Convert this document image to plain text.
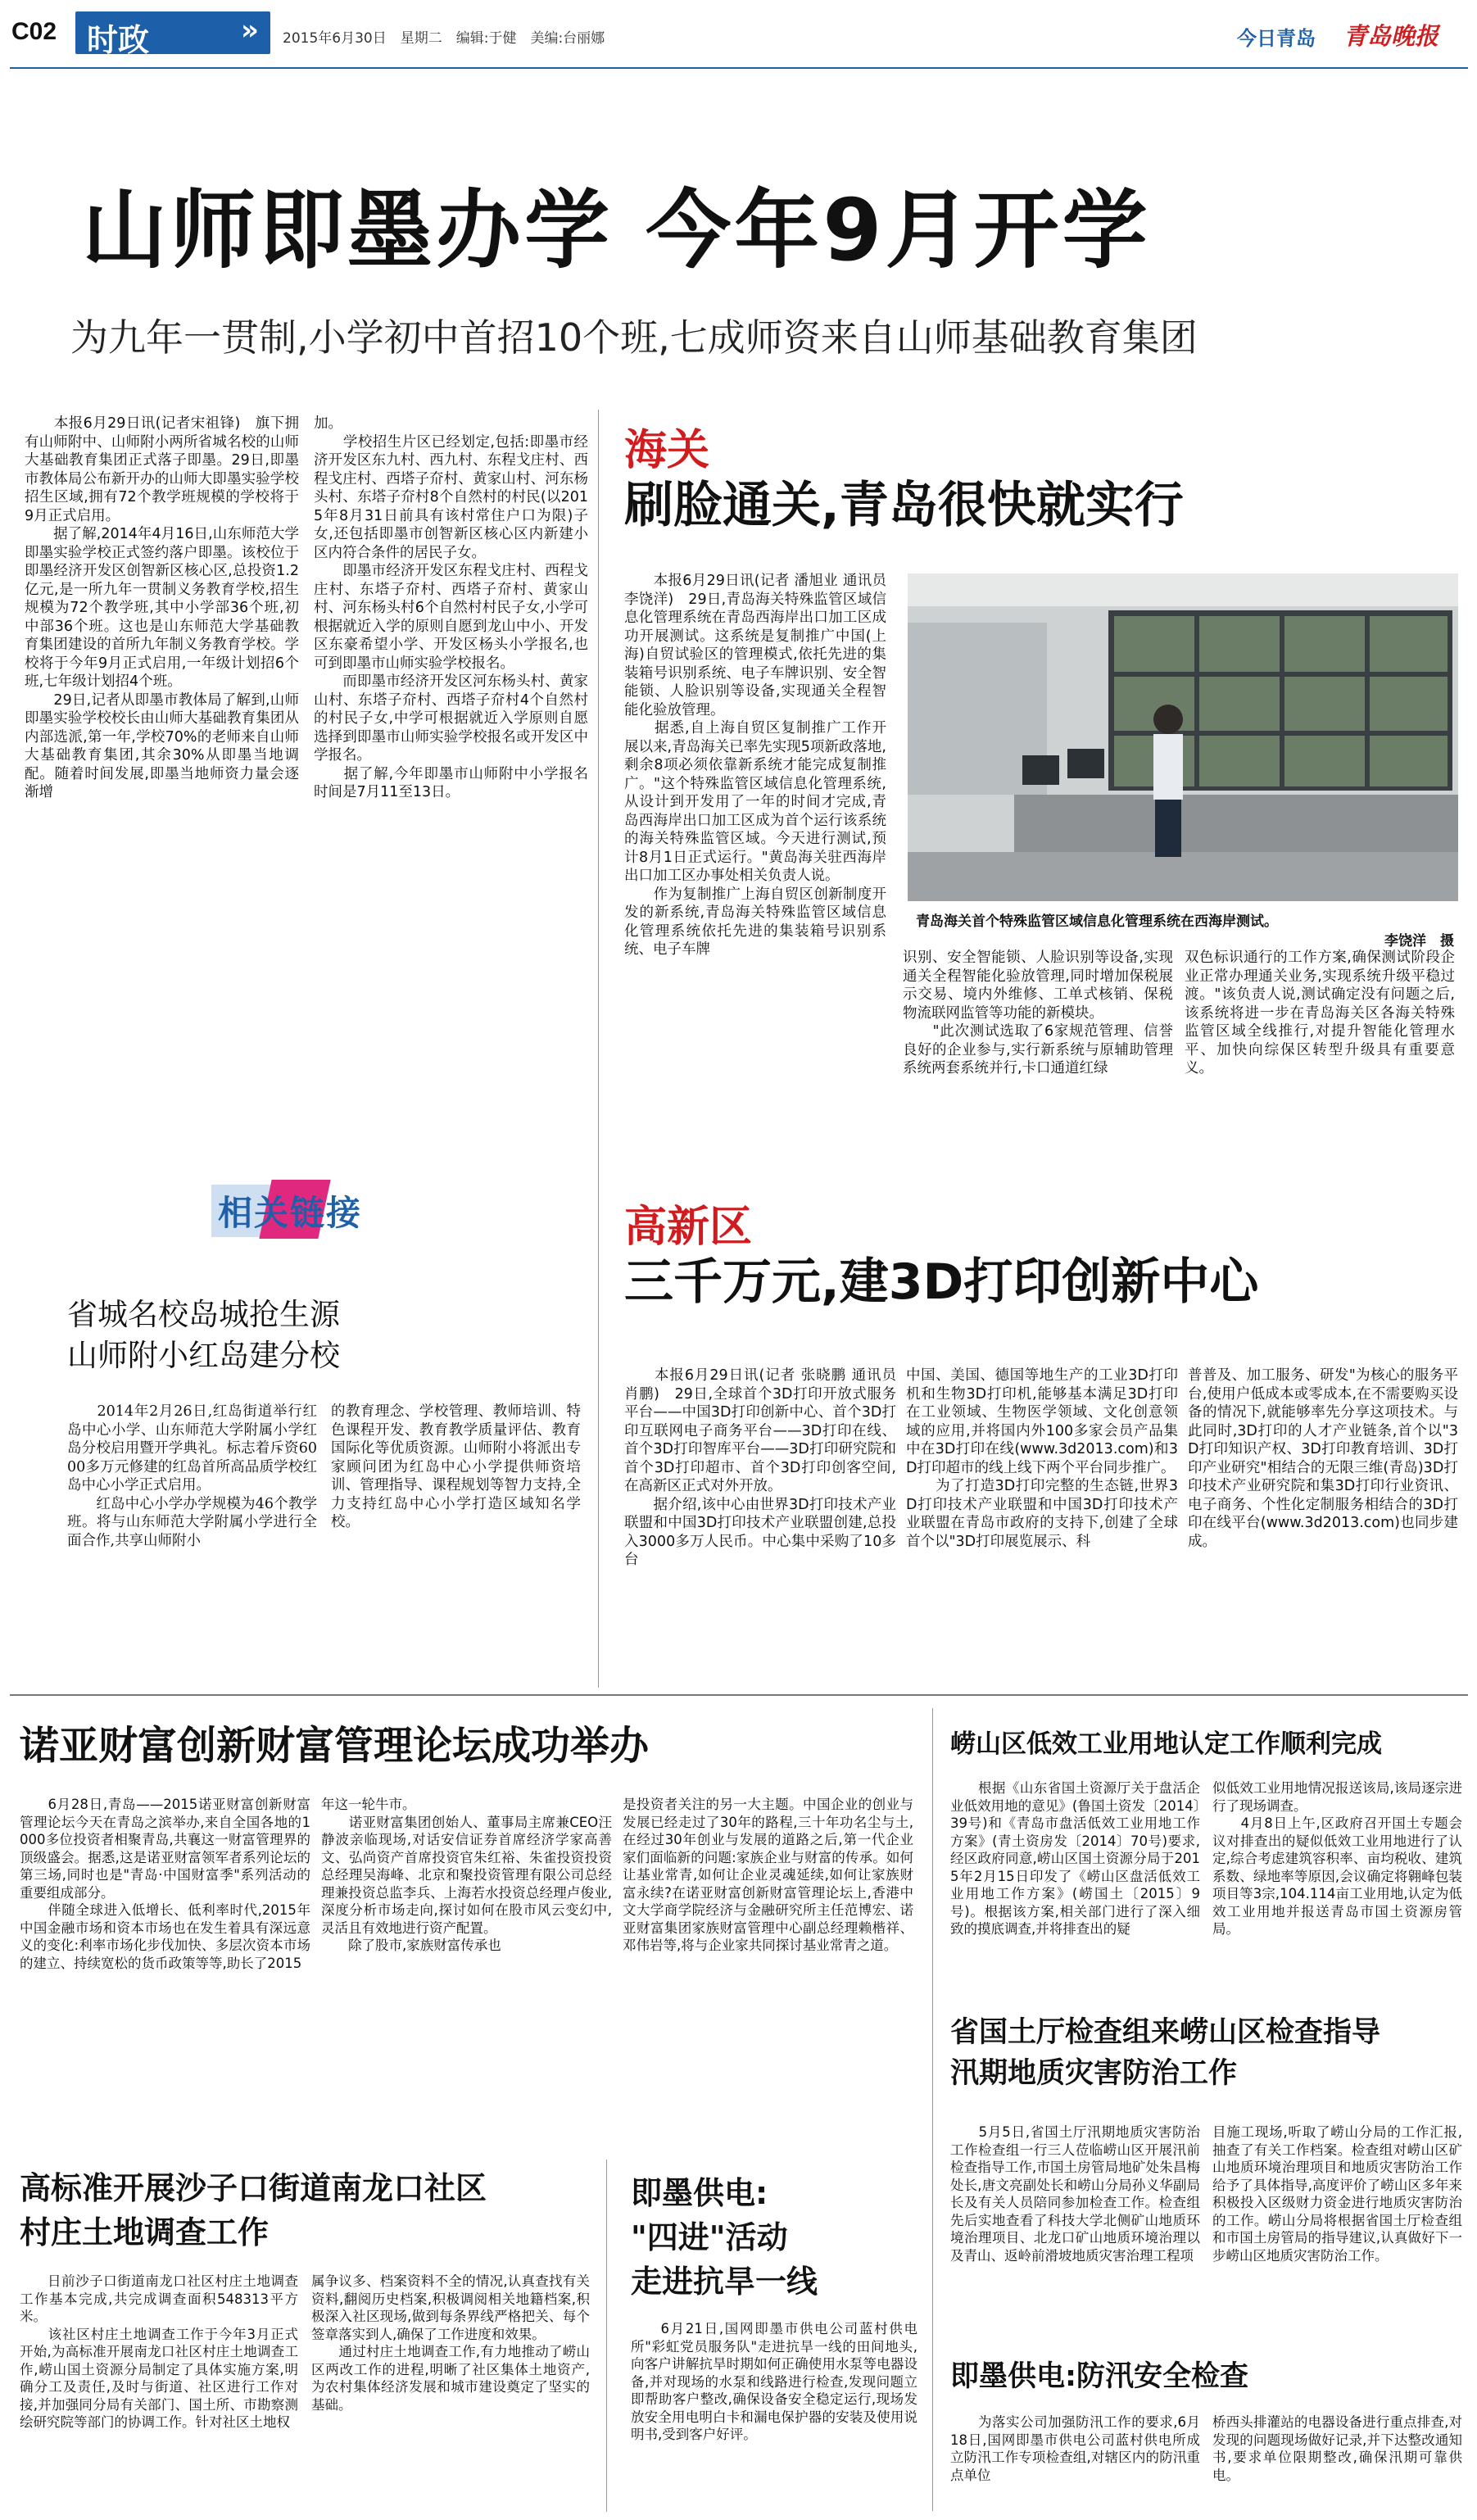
C02 时政	» 2015年6月30日　星期二　编辑:于健　美编:台丽娜	今日青岛 青岛晚报
山师即墨办学 今年9月开学
为九年一贯制,小学初中首招10个班,七成师资来自山师基础教育集团
　　本报6月29日讯(记者宋祖锋)　旗下拥有山师附中、山师附小两所省城名校的山师大基础教育集团正式落子即墨。29日,即墨市教体局公布新开办的山师大即墨实验学校招生区域,拥有72个教学班规模的学校将于9月正式启用。
　　据了解,2014年4月16日,山东师范大学即墨实验学校正式签约落户即墨。该校位于即墨经济开发区创智新区核心区,总投资1.2亿元,是一所九年一贯制义务教育学校,招生规模为72个教学班,其中小学部36个班,初中部36个班。这也是山东师范大学基础教育集团建设的首所九年制义务教育学校。学校将于今年9月正式启用,一年级计划招6个班,七年级计划招4个班。
　　29日,记者从即墨市教体局了解到,山师即墨实验学校校长由山师大基础教育集团从内部选派,第一年,学校70%的老师来自山师大基础教育集团,其余30%从即墨当地调配。随着时间发展,即墨当地师资力量会逐渐增
加。
　　学校招生片区已经划定,包括:即墨市经济开发区东九村、西九村、东程戈庄村、西程戈庄村、西塔子夼村、黄家山村、河东杨头村、东塔子夼村8个自然村的村民(以2015年8月31日前具有该村常住户口为限)子女,还包括即墨市创智新区核心区内新建小区内符合条件的居民子女。
　　即墨市经济开发区东程戈庄村、西程戈庄村、东塔子夼村、西塔子夼村、黄家山村、河东杨头村6个自然村村民子女,小学可根据就近入学的原则自愿到龙山中小、开发区东豪希望小学、开发区杨头小学报名,也可到即墨市山师实验学校报名。
　　而即墨市经济开发区河东杨头村、黄家山村、东塔子夼村、西塔子夼村4个自然村的村民子女,中学可根据就近入学原则自愿选择到即墨市山师实验学校报名或开发区中学报名。
　　据了解,今年即墨市山师附中小学报名时间是7月11至13日。
海关
刷脸通关,青岛很快就实行
　　本报6月29日讯(记者 潘旭业 通讯员 李饶洋)　29日,青岛海关特殊监管区域信息化管理系统在青岛西海岸出口加工区成功开展测试。这系统是复制推广中国(上海)自贸试验区的管理模式,依托先进的集装箱号识别系统、电子车牌识别、安全智能锁、人脸识别等设备,实现通关全程智能化验放管理。
　　据悉,自上海自贸区复制推广工作开展以来,青岛海关已率先实现5项新政落地,剩余8项必须依靠新系统才能完成复制推广。"这个特殊监管区域信息化管理系统,从设计到开发用了一年的时间才完成,青岛西海岸出口加工区成为首个运行该系统的海关特殊监管区域。今天进行测试,预计8月1日正式运行。"黄岛海关驻西海岸出口加工区办事处相关负责人说。
　　作为复制推广上海自贸区创新制度开发的新系统,青岛海关特殊监管区域信息化管理系统依托先进的集装箱号识别系统、电子车牌
青岛海关首个特殊监管区域信息化管理系统在西海岸测试。
李饶洋　摄
识别、安全智能锁、人脸识别等设备,实现通关全程智能化验放管理,同时增加保税展示交易、境内外维修、工单式核销、保税物流联网监管等功能的新模块。
　　"此次测试选取了6家规范管理、信誉良好的企业参与,实行新系统与原辅助管理系统两套系统并行,卡口通道红绿
双色标识通行的工作方案,确保测试阶段企业正常办理通关业务,实现系统升级平稳过渡。"该负责人说,测试确定没有问题之后,该系统将进一步在青岛海关区各海关特殊监管区域全线推行,对提升智能化管理水平、加快向综保区转型升级具有重要意义。
相关链接
省城名校岛城抢生源
山师附小红岛建分校
　　2014年2月26日,红岛街道举行红岛中心小学、山东师范大学附属小学红岛分校启用暨开学典礼。标志着斥资6000多万元修建的红岛首所高品质学校红岛中心小学正式启用。
　　红岛中心小学办学规模为46个教学班。将与山东师范大学附属小学进行全面合作,共享山师附小
的教育理念、学校管理、教师培训、特色课程开发、教育教学质量评估、教育国际化等优质资源。山师附小将派出专家顾问团为红岛中心小学提供师资培训、管理指导、课程规划等智力支持,全力支持红岛中心小学打造区域知名学校。
高新区
三千万元,建3D打印创新中心
　　本报6月29日讯(记者 张晓鹏 通讯员 肖鹏)　29日,全球首个3D打印开放式服务平台——中国3D打印创新中心、首个3D打印互联网电子商务平台——3D打印在线、首个3D打印智库平台——3D打印研究院和首个3D打印超市、首个3D打印创客空间,在高新区正式对外开放。
　　据介绍,该中心由世界3D打印技术产业联盟和中国3D打印技术产业联盟创建,总投入3000多万人民币。中心集中采购了10多台
中国、美国、德国等地生产的工业3D打印机和生物3D打印机,能够基本满足3D打印在工业领域、生物医学领域、文化创意领域的应用,并将国内外100多家会员产品集中在3D打印在线(www.3d2013.com)和3D打印超市的线上线下两个平台同步推广。
　　为了打造3D打印完整的生态链,世界3D打印技术产业联盟和中国3D打印技术产业联盟在青岛市政府的支持下,创建了全球首个以"3D打印展览展示、科
普普及、加工服务、研发"为核心的服务平台,使用户低成本或零成本,在不需要购买设备的情况下,就能够率先分享这项技术。与此同时,3D打印的人才产业链条,首个以"3D打印知识产权、3D打印教育培训、3D打印产业研究"相结合的无限三维(青岛)3D打印技术产业研究院和集3D打印行业资讯、电子商务、个性化定制服务相结合的3D打印在线平台(www.3d2013.com)也同步建成。
诺亚财富创新财富管理论坛成功举办
　　6月28日,青岛——2015诺亚财富创新财富管理论坛今天在青岛之滨举办,来自全国各地的1000多位投资者相聚青岛,共襄这一财富管理界的顶级盛会。据悉,这是诺亚财富领军者系列论坛的第三场,同时也是"青岛·中国财富季"系列活动的重要组成部分。
　　伴随全球进入低增长、低利率时代,2015年中国金融市场和资本市场也在发生着具有深远意义的变化:利率市场化步伐加快、多层次资本市场的建立、持续宽松的货币政策等等,助长了2015
年这一轮牛市。
　　诺亚财富集团创始人、董事局主席兼CEO汪静波亲临现场,对话安信证券首席经济学家高善文、弘尚资产首席投资官朱红裕、朱雀投资投资总经理吴海峰、北京和聚投资管理有限公司总经理兼投资总监李兵、上海若水投资总经理卢俊业,深度分析市场走向,探讨如何在股市风云变幻中,灵活且有效地进行资产配置。
　　除了股市,家族财富传承也
是投资者关注的另一大主题。中国企业的创业与发展已经走过了30年的路程,三十年功名尘与土,在经过30年创业与发展的道路之后,第一代企业家们面临新的问题:家族企业与财富的传承。如何让基业常青,如何让企业灵魂延续,如何让家族财富永续?在诺亚财富创新财富管理论坛上,香港中文大学商学院经济与金融研究所主任范博宏、诺亚财富集团家族财富管理中心副总经理赖楷祥、邓伟岩等,将与企业家共同探讨基业常青之道。
崂山区低效工业用地认定工作顺利完成
　　根据《山东省国土资源厅关于盘活企业低效用地的意见》(鲁国土资发〔2014〕39号)和《青岛市盘活低效工业用地工作方案》(青土资房发〔2014〕70号)要求,经区政府同意,崂山区国土资源分局于2015年2月15日印发了《崂山区盘活低效工业用地工作方案》(崂国土〔2015〕9号)。根据该方案,相关部门进行了深入细致的摸底调查,并将排查出的疑
似低效工业用地情况报送该局,该局逐宗进行了现场调查。
　　4月8日上午,区政府召开国土专题会议对排查出的疑似低效工业用地进行了认定,综合考虑建筑容积率、亩均税收、建筑系数、绿地率等原因,会议确定将翱峰包装项目等3宗,104.114亩工业用地,认定为低效工业用地并报送青岛市国土资源房管局。
省国土厅检查组来崂山区检查指导
汛期地质灾害防治工作
　　5月5日,省国土厅汛期地质灾害防治工作检查组一行三人莅临崂山区开展汛前检查指导工作,市国土房管局地矿处朱昌梅处长,唐文亮副处长和崂山分局孙义华副局长及有关人员陪同参加检查工作。检查组先后实地查看了科技大学北侧矿山地质环境治理项目、北龙口矿山地质环境治理以及青山、返岭前滑坡地质灾害治理工程项
目施工现场,听取了崂山分局的工作汇报,抽查了有关工作档案。检查组对崂山区矿山地质环境治理项目和地质灾害防治工作给予了具体指导,高度评价了崂山区多年来积极投入区级财力资金进行地质灾害防治的工作。崂山分局将根据省国土厅检查组和市国土房管局的指导建议,认真做好下一步崂山区地质灾害防治工作。
高标准开展沙子口街道南龙口社区
村庄土地调查工作
　　日前沙子口街道南龙口社区村庄土地调查工作基本完成,共完成调查面积548313平方米。
　　该社区村庄土地调查工作于今年3月正式开始,为高标准开展南龙口社区村庄土地调查工作,崂山国土资源分局制定了具体实施方案,明确分工及责任,及时与街道、社区进行工作对接,并加强同分局有关部门、国土所、市勘察测绘研究院等部门的协调工作。针对社区土地权
属争议多、档案资料不全的情况,认真查找有关资料,翻阅历史档案,积极调阅相关地籍档案,积极深入社区现场,做到每条界线严格把关、每个签章落实到人,确保了工作进度和效果。
　　通过村庄土地调查工作,有力地推动了崂山区两改工作的进程,明晰了社区集体土地资产,为农村集体经济发展和城市建设奠定了坚实的基础。
即墨供电:
"四进"活动
走进抗旱一线
　　6月21日,国网即墨市供电公司蓝村供电所"彩虹党员服务队"走进抗旱一线的田间地头,向客户讲解抗旱时期如何正确使用水泵等电器设备,并对现场的水泵和线路进行检查,发现问题立即帮助客户整改,确保设备安全稳定运行,现场发放安全用电明白卡和漏电保护器的安装及使用说明书,受到客户好评。
即墨供电:防汛安全检查
　　为落实公司加强防汛工作的要求,6月18日,国网即墨市供电公司蓝村供电所成立防汛工作专项检查组,对辖区内的防汛重点单位
桥西头排灌站的电器设备进行重点排查,对发现的问题现场做好记录,并下达整改通知书,要求单位限期整改,确保汛期可靠供电。
